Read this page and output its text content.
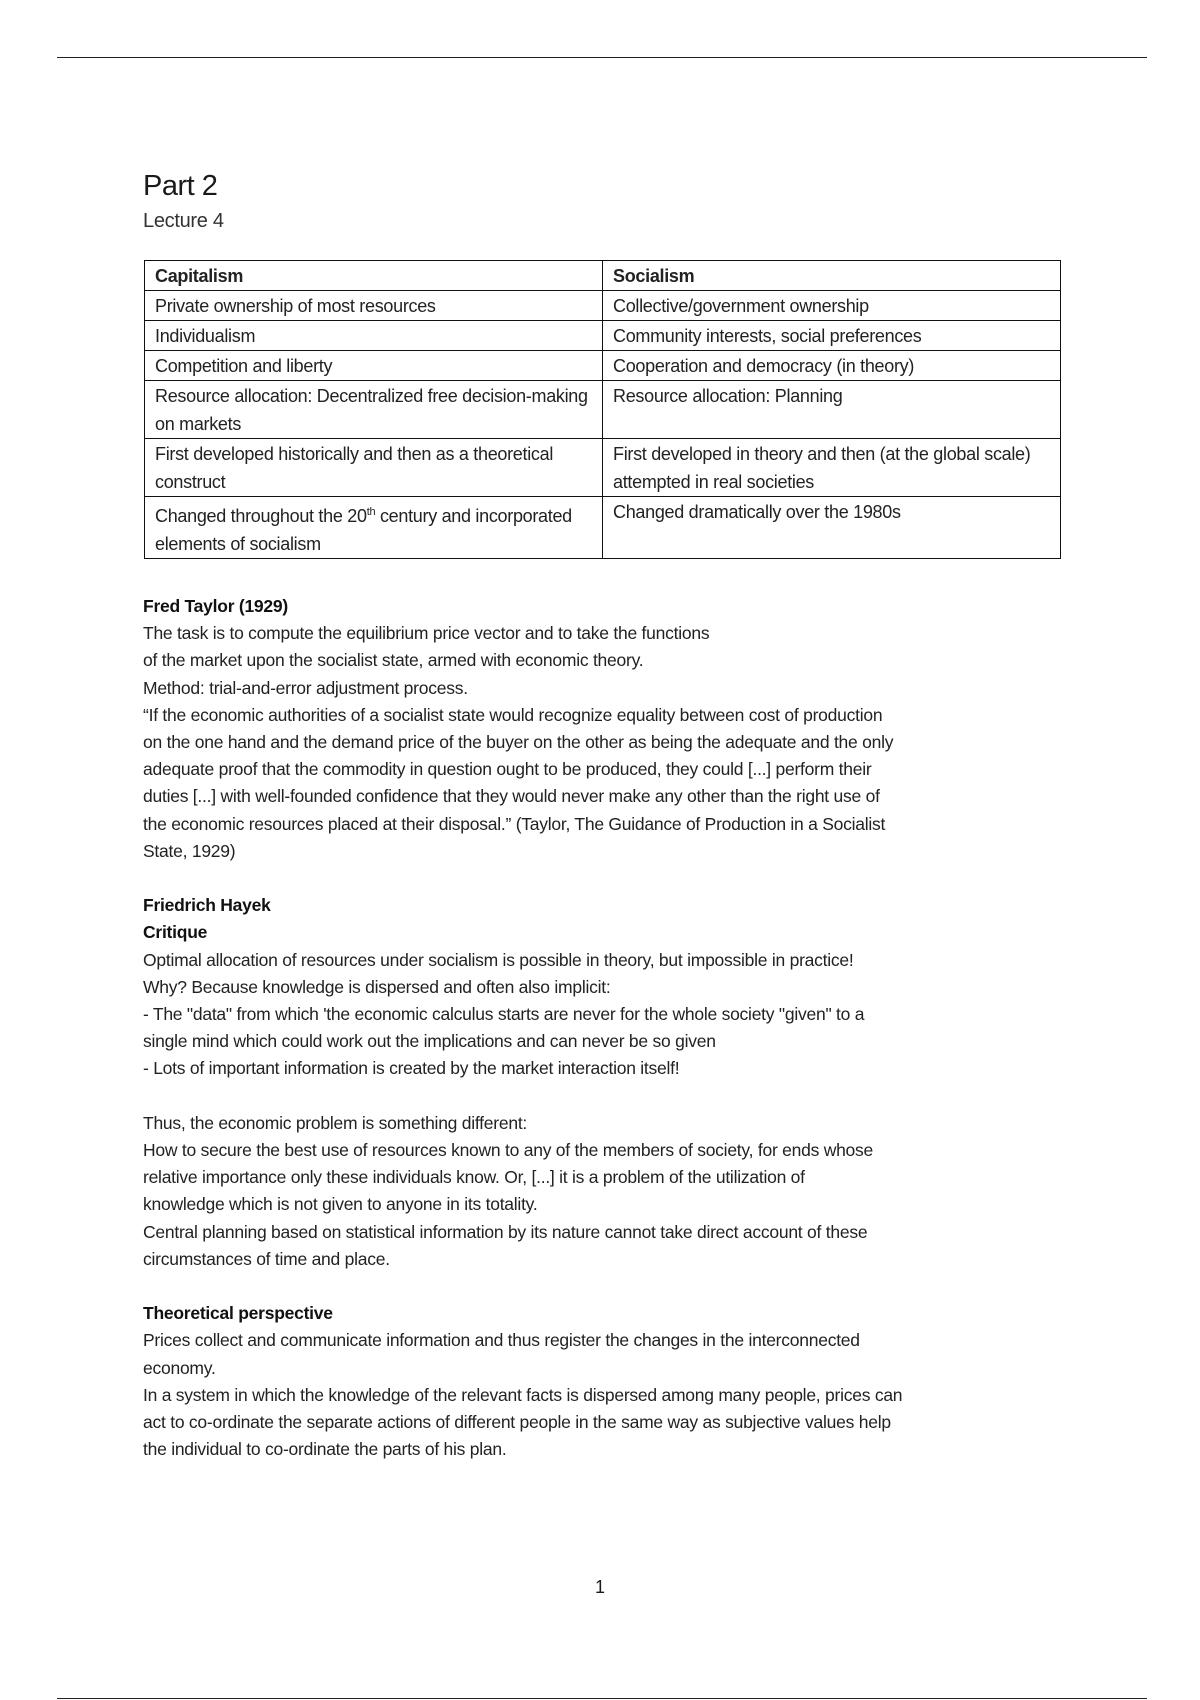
Part 2
Lecture 4
Capitalism	Socialism
Private ownership of most resources	Collective/government ownership
Individualism	Community interests, social preferences
Competition and liberty	Cooperation and democracy (in theory)
Resource allocation: Decentralized free decision-making on markets	Resource allocation: Planning
First developed historically and then as a theoretical construct	First developed in theory and then (at the global scale) attempted in real societies
Changed throughout the 20th century and incorporated elements of socialism	Changed dramatically over the 1980s
Fred Taylor (1929)
The task is to compute the equilibrium price vector and to take the functions
of the market upon the socialist state, armed with economic theory.
Method: trial-and-error adjustment process.
“If the economic authorities of a socialist state would recognize equality between cost of production
on the one hand and the demand price of the buyer on the other as being the adequate and the only
adequate proof that the commodity in question ought to be produced, they could [...] perform their
duties [...] with well-founded confidence that they would never make any other than the right use of
the economic resources placed at their disposal.” (Taylor, The Guidance of Production in a Socialist
State, 1929)
Friedrich Hayek
Critique
Optimal allocation of resources under socialism is possible in theory, but impossible in practice!
Why? Because knowledge is dispersed and often also implicit:
- The "data" from which 'the economic calculus starts are never for the whole society "given" to a
single mind which could work out the implications and can never be so given
- Lots of important information is created by the market interaction itself!
Thus, the economic problem is something different:
How to secure the best use of resources known to any of the members of society, for ends whose
relative importance only these individuals know. Or, [...] it is a problem of the utilization of
knowledge which is not given to anyone in its totality.
Central planning based on statistical information by its nature cannot take direct account of these
circumstances of time and place.
Theoretical perspective
Prices collect and communicate information and thus register the changes in the interconnected
economy.
In a system in which the knowledge of the relevant facts is dispersed among many people, prices can
act to co-ordinate the separate actions of different people in the same way as subjective values help
the individual to co-ordinate the parts of his plan.
1
